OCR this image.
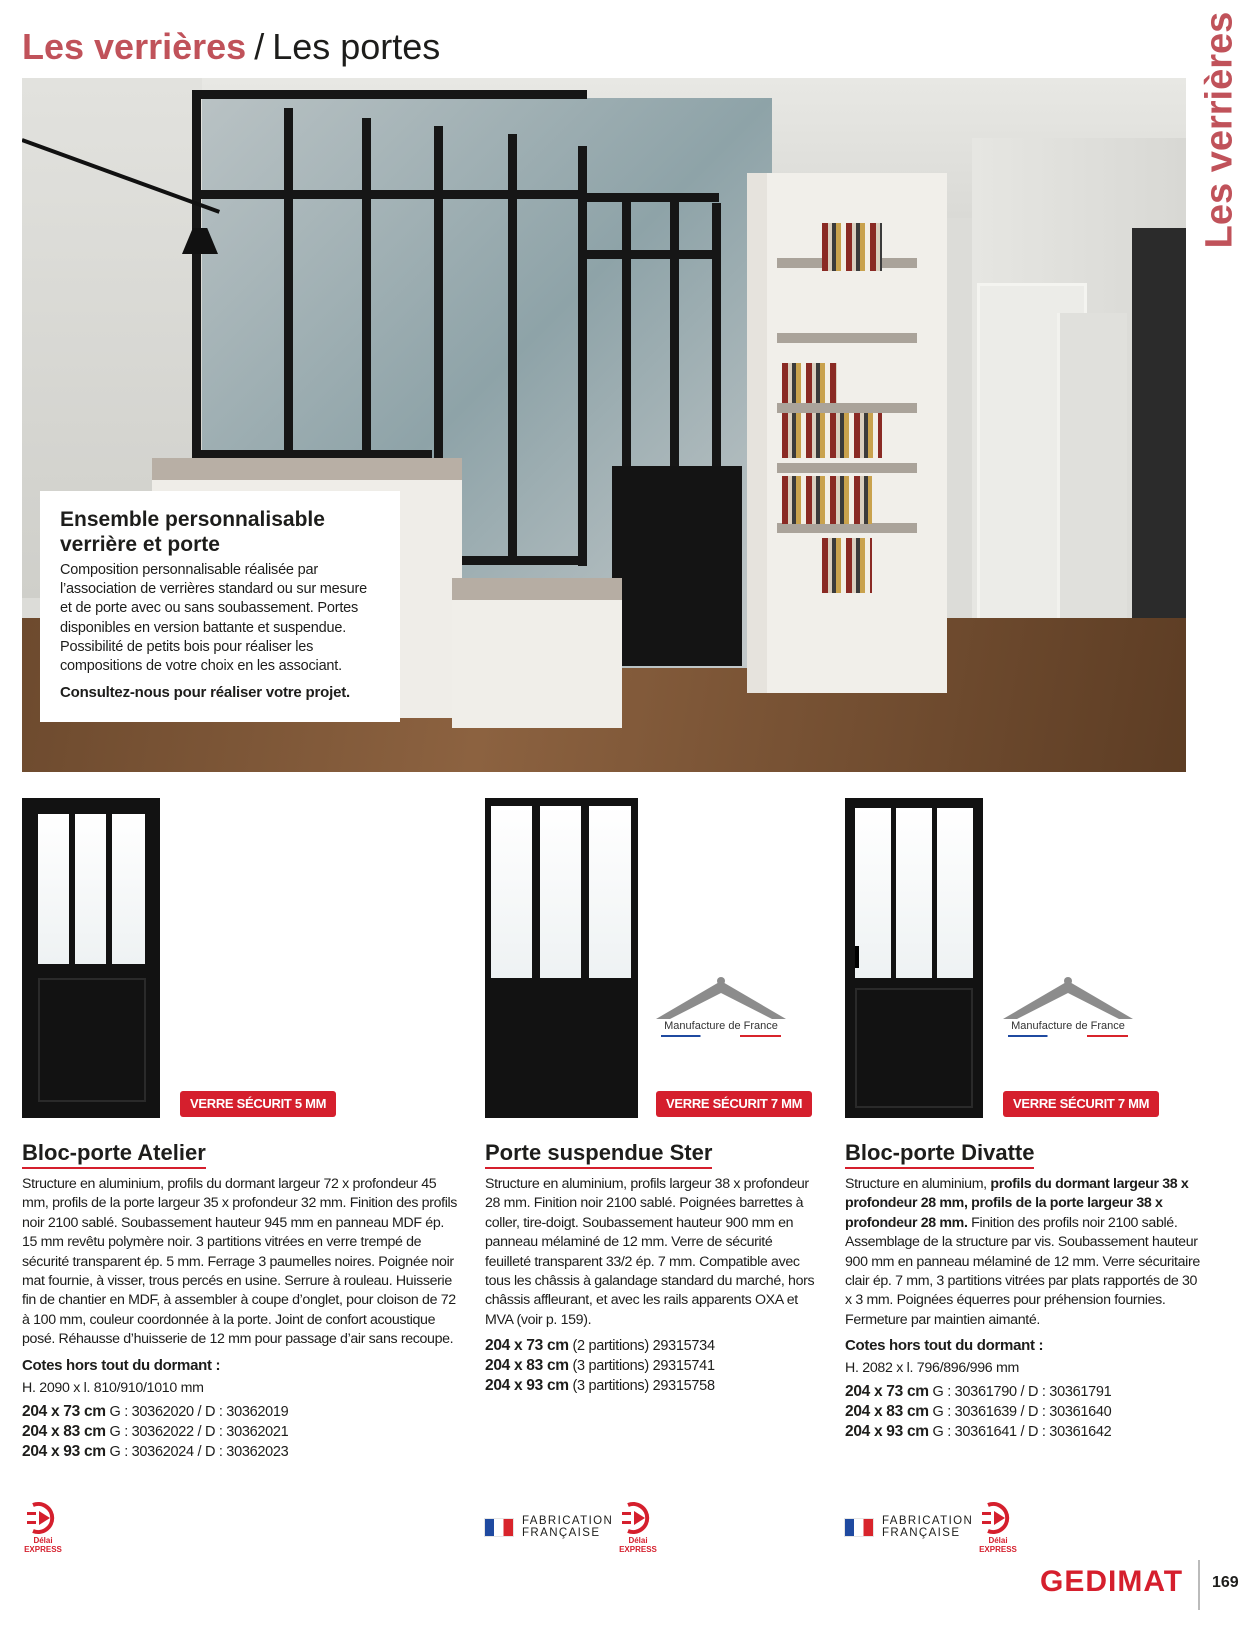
Les verrières / Les portes	Les verrières
Ensemble personnalisable verrière et porte
Composition personnalisable réalisée par l’association de verrières standard ou sur mesure et de porte avec ou sans soubassement. Portes disponibles en version battante et suspendue. Possibilité de petits bois pour réaliser les compositions de votre choix en les associant.
Consultez-nous pour réaliser votre projet.
VERRE SÉCURIT 5 MM
Manufacture de France
VERRE SÉCURIT 7 MM
Manufacture de France
VERRE SÉCURIT 7 MM
Bloc-porte Atelier
Structure en aluminium, profils du dormant largeur 72 x profondeur 45 mm, profils de la porte largeur 35 x profondeur 32 mm. Finition des profils noir 2100 sablé. Soubassement hauteur 945 mm en panneau MDF ép. 15 mm revêtu polymère noir. 3 partitions vitrées en verre trempé de sécurité transparent ép. 5 mm. Ferrage 3 paumelles noires. Poignée noir mat fournie, à visser, trous percés en usine. Serrure à rouleau. Huisserie fin de chantier en MDF, à assembler à coupe d’onglet, pour cloison de 72 à 100 mm, couleur coordonnée à la porte. Joint de confort acoustique posé. Réhausse d’huisserie de 12 mm pour passage d’air sans recoupe.
Cotes hors tout du dormant :
H. 2090 x l. 810/910/1010 mm
204 x 73 cm G : 30362020 / D : 30362019
204 x 83 cm G : 30362022 / D : 30362021
204 x 93 cm G : 30362024 / D : 30362023
Porte suspendue Ster
Structure en aluminium, profils largeur 38 x profondeur 28 mm. Finition noir 2100 sablé. Poignées barrettes à coller, tire-doigt. Soubassement hauteur 900 mm en panneau mélaminé de 12 mm. Verre de sécurité feuilleté transparent 33/2 ép. 7 mm. Compatible avec tous les châssis à galandage standard du marché, hors châssis affleurant, et avec les rails apparents OXA et MVA (voir p. 159).
204 x 73 cm (2 partitions) 29315734
204 x 83 cm (3 partitions) 29315741
204 x 93 cm (3 partitions) 29315758
Bloc-porte Divatte
Structure en aluminium, profils du dormant largeur 38 x profondeur 28 mm, profils de la porte largeur 38 x profondeur 28 mm. Finition des profils noir 2100 sablé. Assemblage de la structure par vis. Soubassement hauteur 900 mm en panneau mélaminé de 12 mm. Verre sécuritaire clair ép. 7 mm, 3 partitions vitrées par plats rapportés de 30 x 3 mm. Poignées équerres pour préhension fournies. Fermeture par maintien aimanté.
Cotes hors tout du dormant :
H. 2082 x l. 796/896/996 mm
204 x 73 cm G : 30361790 / D : 30361791
204 x 83 cm G : 30361639 / D : 30361640
204 x 93 cm G : 30361641 / D : 30361642
Délai
EXPRESS
Délai
EXPRESS
Délai
EXPRESS
FABRICATION
FRANÇAISE
FABRICATION
FRANÇAISE
GEDIMAT 169
